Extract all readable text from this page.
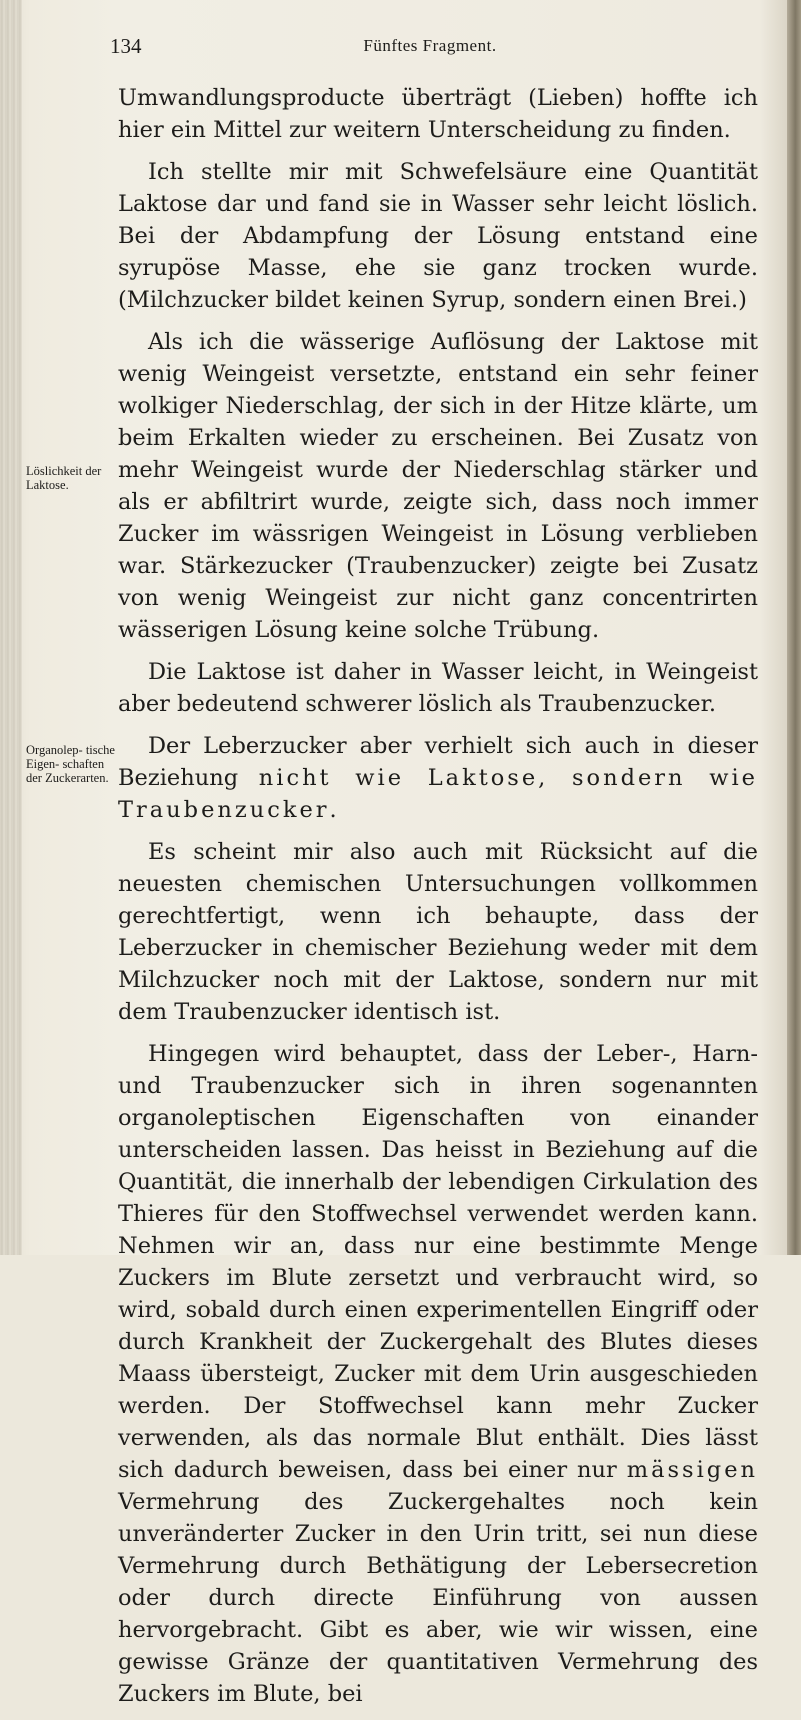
134	Fünftes Fragment.
Löslichkeit der Laktose.
Organolep- tische Eigen- schaften der Zuckerarten.

Umwandlungsproducte überträgt (Lieben) hoffte ich hier ein Mittel zur weitern Unterscheidung zu finden.

Ich stellte mir mit Schwefelsäure eine Quantität Laktose dar und fand sie in Wasser sehr leicht löslich. Bei der Abdampfung der Lösung entstand eine syrupöse Masse, ehe sie ganz trocken wurde. (Milchzucker bildet keinen Syrup, sondern einen Brei.)

Als ich die wässerige Auflösung der Laktose mit wenig Weingeist versetzte, entstand ein sehr feiner wolkiger Niederschlag, der sich in der Hitze klärte, um beim Erkalten wieder zu erscheinen. Bei Zusatz von mehr Weingeist wurde der Niederschlag stärker und als er abfiltrirt wurde, zeigte sich, dass noch immer Zucker im wässrigen Weingeist in Lösung verblieben war. Stärkezucker (Traubenzucker) zeigte bei Zusatz von wenig Weingeist zur nicht ganz concentrirten wässerigen Lösung keine solche Trübung.

Die Laktose ist daher in Wasser leicht, in Weingeist aber bedeutend schwerer löslich als Traubenzucker.

Der Leberzucker aber verhielt sich auch in dieser Beziehung nicht wie Laktose, sondern wie Traubenzucker.

Es scheint mir also auch mit Rücksicht auf die neuesten chemischen Untersuchungen vollkommen gerechtfertigt, wenn ich behaupte, dass der Leberzucker in chemischer Beziehung weder mit dem Milchzucker noch mit der Laktose, sondern nur mit dem Traubenzucker identisch ist.

Hingegen wird behauptet, dass der Leber-, Harn- und Traubenzucker sich in ihren sogenannten organoleptischen Eigenschaften von einander unterscheiden lassen. Das heisst in Beziehung auf die Quantität, die innerhalb der lebendigen Cirkulation des Thieres für den Stoffwechsel verwendet werden kann. Nehmen wir an, dass nur eine bestimmte Menge Zuckers im Blute zersetzt und verbraucht wird, so wird, sobald durch einen experimentellen Eingriff oder durch Krankheit der Zuckergehalt des Blutes dieses Maass übersteigt, Zucker mit dem Urin ausgeschieden werden. Der Stoffwechsel kann mehr Zucker verwenden, als das normale Blut enthält. Dies lässt sich dadurch beweisen, dass bei einer nur mässigen Vermehrung des Zuckergehaltes noch kein unveränderter Zucker in den Urin tritt, sei nun diese Vermehrung durch Bethätigung der Lebersecretion oder durch directe Einführung von aussen hervorgebracht. Gibt es aber, wie wir wissen, eine gewisse Gränze der quantitativen Vermehrung des Zuckers im Blute, bei
